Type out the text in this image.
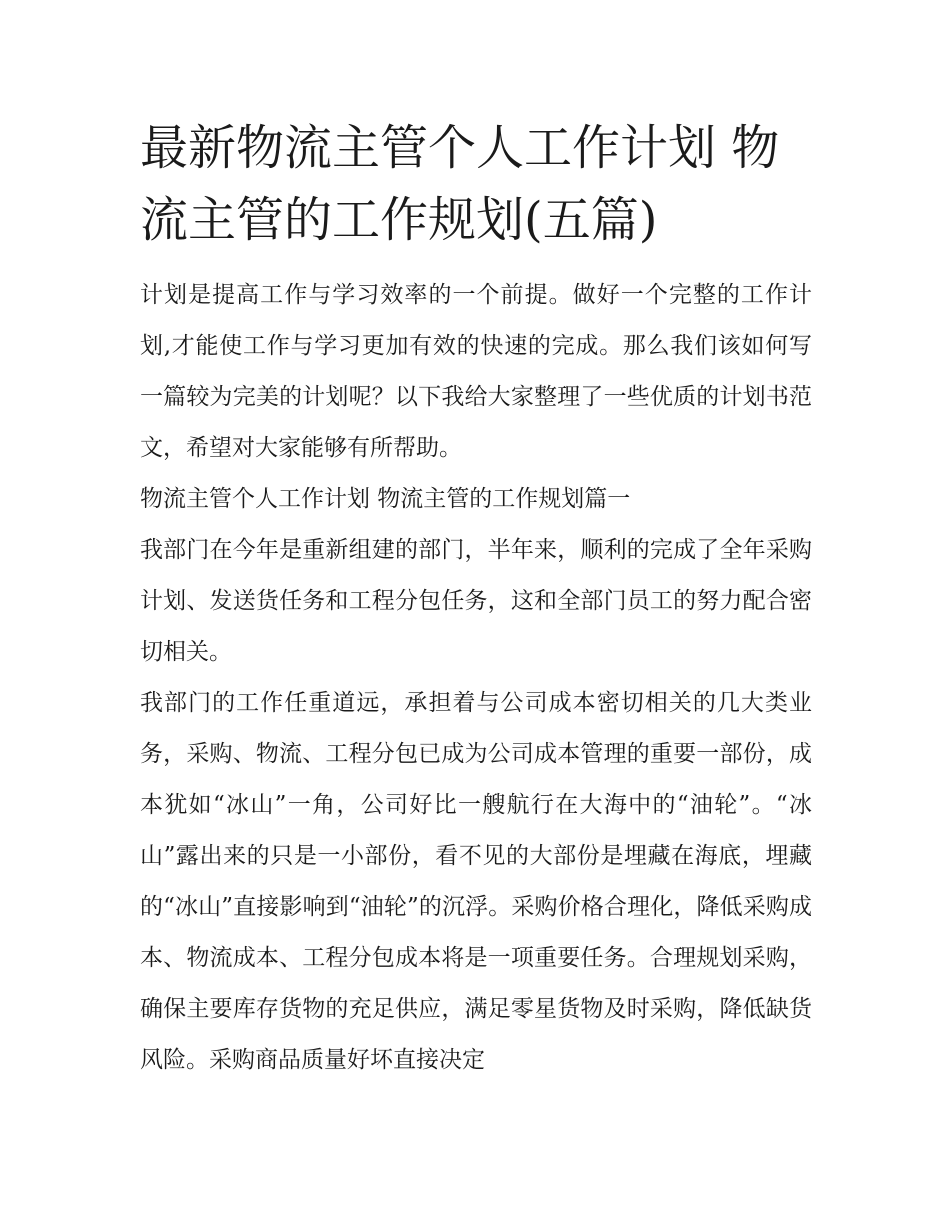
最新物流主管个人工作计划 物流主管的工作规划(五篇)

计划是提高工作与学习效率的一个前提。做好一个完整的工作计划,才能使工作与学习更加有效的快速的完成。那么我们该如何写一篇较为完美的计划呢？以下我给大家整理了一些优质的计划书范文，希望对大家能够有所帮助。

物流主管个人工作计划 物流主管的工作规划篇一

我部门在今年是重新组建的部门，半年来，顺利的完成了全年采购计划、发送货任务和工程分包任务，这和全部门员工的努力配合密切相关。

我部门的工作任重道远，承担着与公司成本密切相关的几大类业务，采购、物流、工程分包已成为公司成本管理的重要一部份，成本犹如“冰山”一角，公司好比一艘航行在大海中的“油轮”。“冰山”露出来的只是一小部份，看不见的大部份是埋藏在海底，埋藏的“冰山”直接影响到“油轮”的沉浮。采购价格合理化，降低采购成本、物流成本、工程分包成本将是一项重要任务。合理规划采购，确保主要库存货物的充足供应，满足零星货物及时采购，降低缺货风险。采购商品质量好坏直接决定
